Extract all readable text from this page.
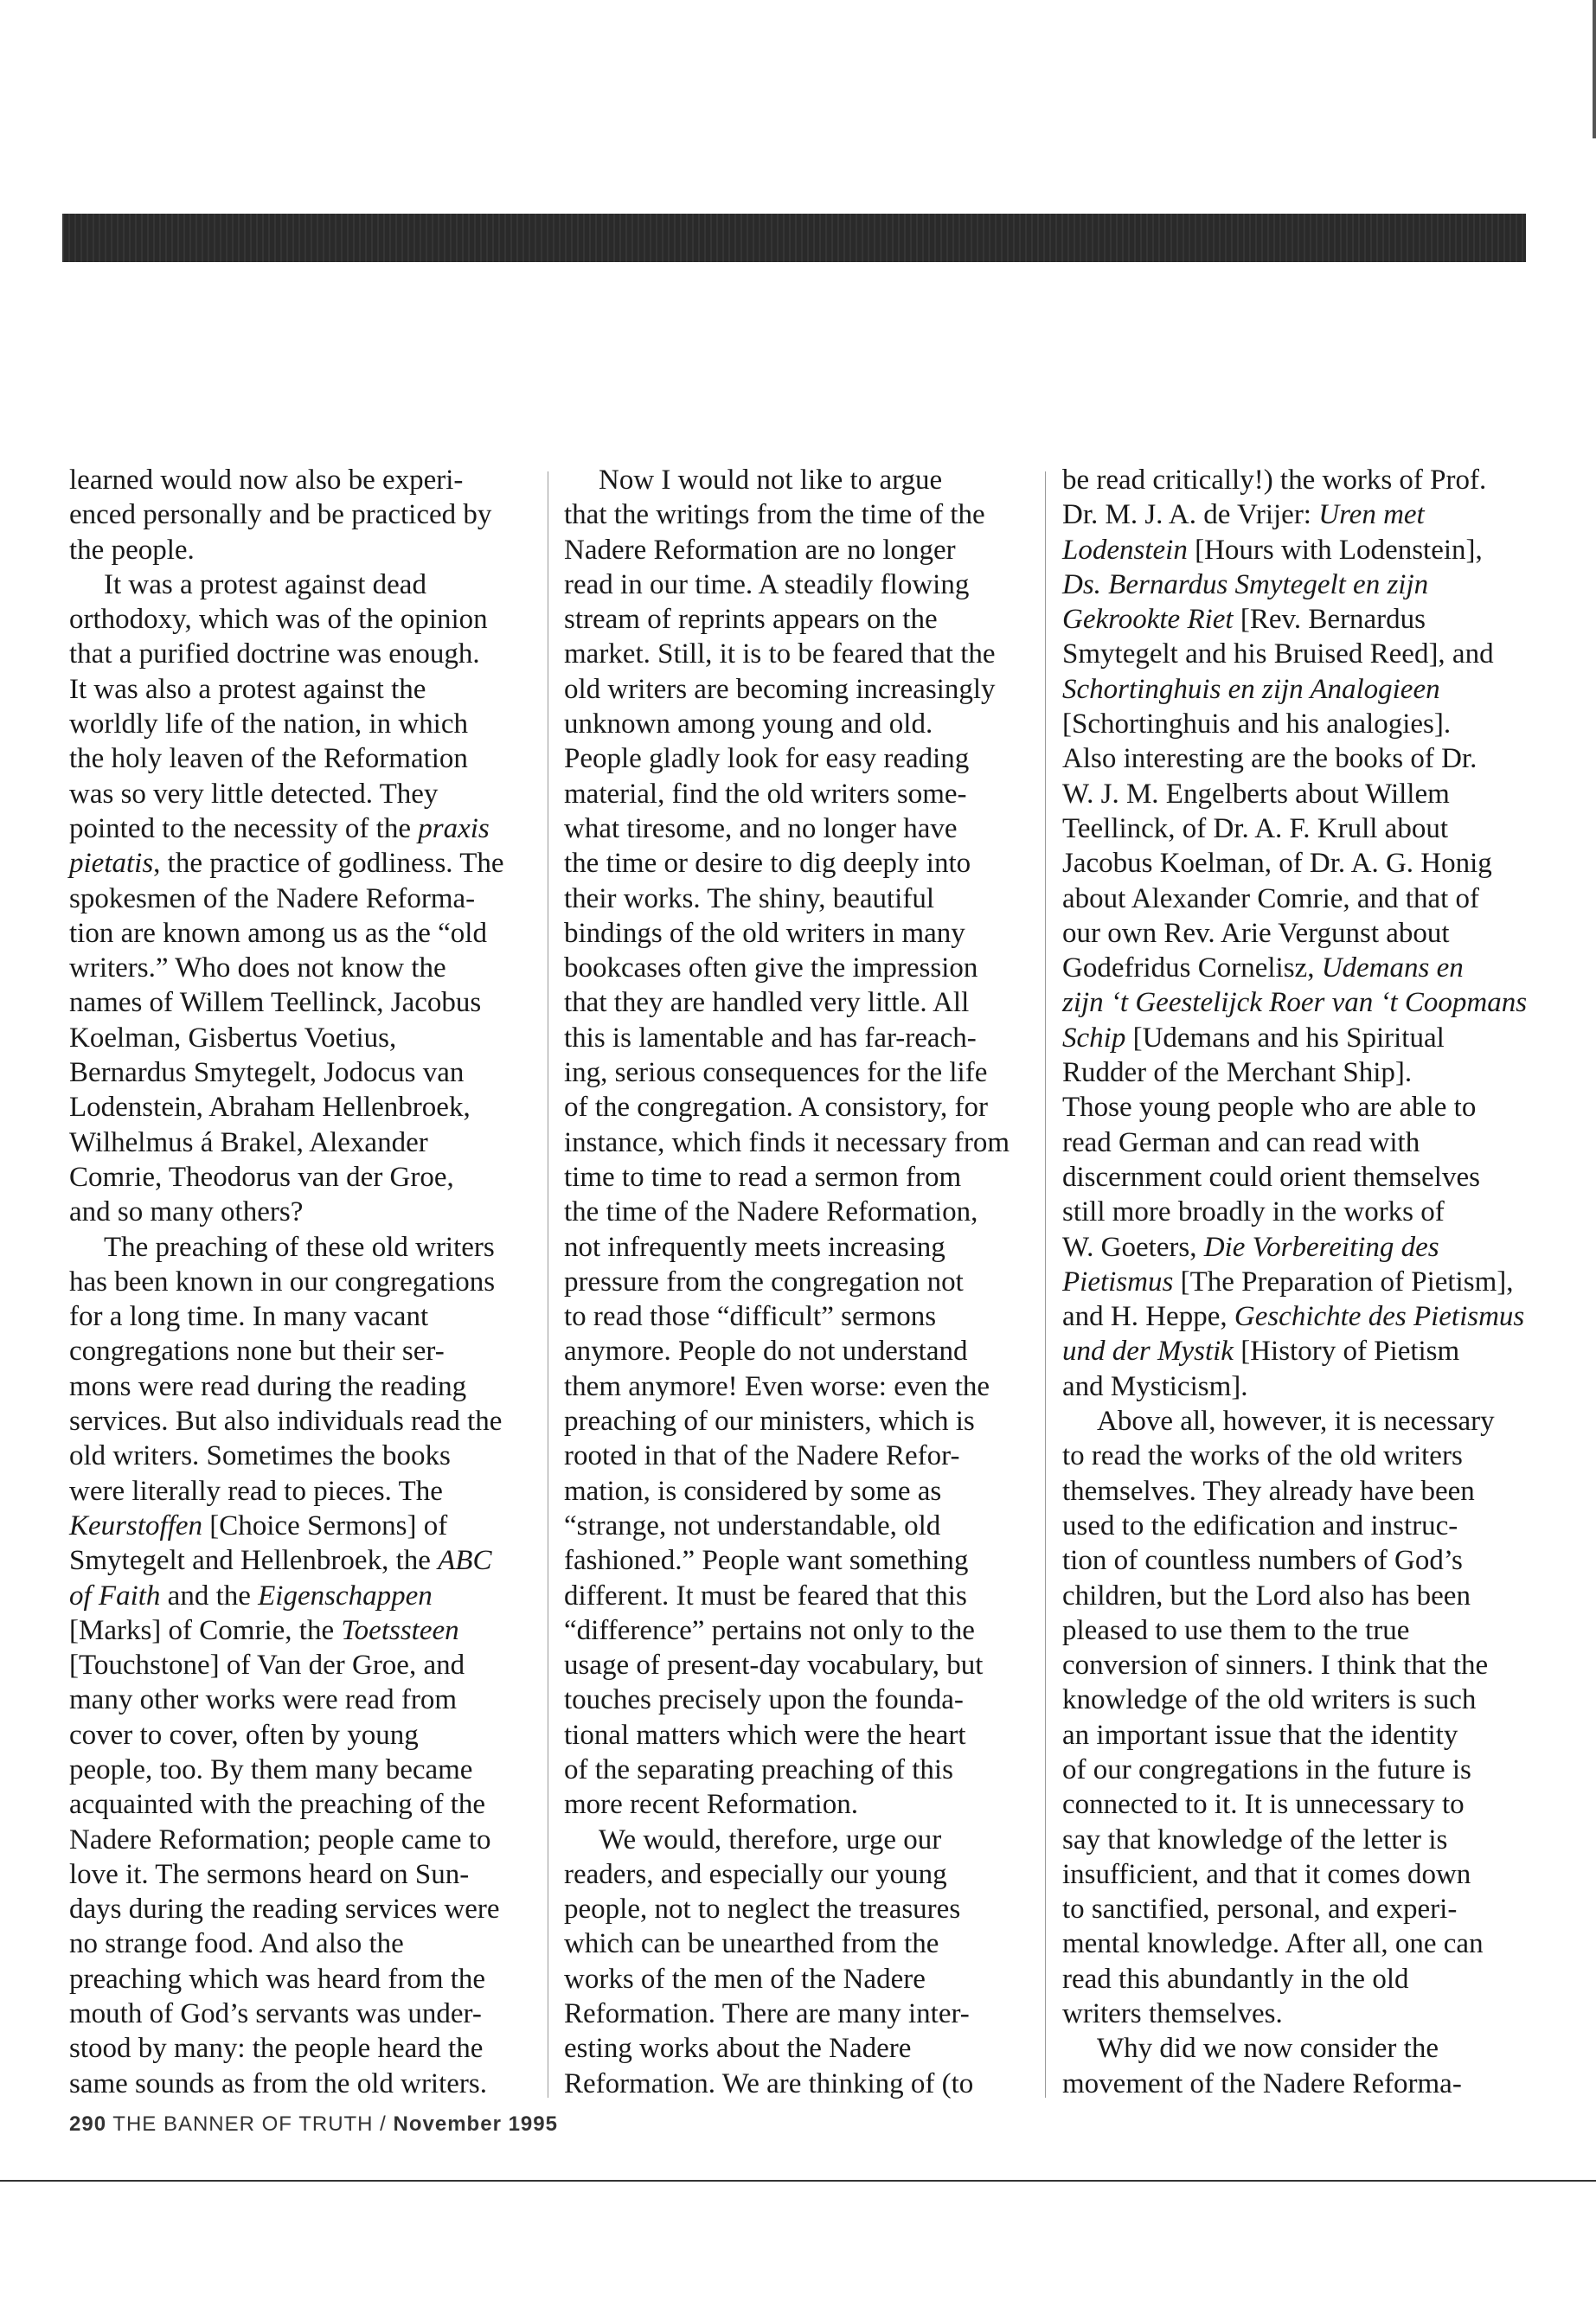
learned would now also be experi-
enced personally and be practiced by
the people.

It was a protest against dead
orthodoxy, which was of the opinion
that a purified doctrine was enough.
It was also a protest against the
worldly life of the nation, in which
the holy leaven of the Reformation
was so very little detected. They
pointed to the necessity of the praxis
pietatis, the practice of godliness. The
spokesmen of the Nadere Reforma-
tion are known among us as the “old
writers.” Who does not know the
names of Willem Teellinck, Jacobus
Koelman, Gisbertus Voetius,
Bernardus Smytegelt, Jodocus van
Lodenstein, Abraham Hellenbroek,
Wilhelmus á Brakel, Alexander
Comrie, Theodorus van der Groe,
and so many others?

The preaching of these old writers
has been known in our congregations
for a long time. In many vacant
congregations none but their ser-
mons were read during the reading
services. But also individuals read the
old writers. Sometimes the books
were literally read to pieces. The
Keurstoffen [Choice Sermons] of
Smytegelt and Hellenbroek, the ABC
of Faith and the Eigenschappen
[Marks] of Comrie, the Toetssteen
[Touchstone] of Van der Groe, and
many other works were read from
cover to cover, often by young
people, too. By them many became
acquainted with the preaching of the
Nadere Reformation; people came to
love it. The sermons heard on Sun-
days during the reading services were
no strange food. And also the
preaching which was heard from the
mouth of God’s servants was under-
stood by many: the people heard the
same sounds as from the old writers.

Now I would not like to argue
that the writings from the time of the
Nadere Reformation are no longer
read in our time. A steadily flowing
stream of reprints appears on the
market. Still, it is to be feared that the
old writers are becoming increasingly
unknown among young and old.
People gladly look for easy reading
material, find the old writers some-
what tiresome, and no longer have
the time or desire to dig deeply into
their works. The shiny, beautiful
bindings of the old writers in many
bookcases often give the impression
that they are handled very little. All
this is lamentable and has far-reach-
ing, serious consequences for the life
of the congregation. A consistory, for
instance, which finds it necessary from
time to time to read a sermon from
the time of the Nadere Reformation,
not infrequently meets increasing
pressure from the congregation not
to read those “difficult” sermons
anymore. People do not understand
them anymore! Even worse: even the
preaching of our ministers, which is
rooted in that of the Nadere Refor-
mation, is considered by some as
“strange, not understandable, old
fashioned.” People want something
different. It must be feared that this
“difference” pertains not only to the
usage of present-day vocabulary, but
touches precisely upon the founda-
tional matters which were the heart
of the separating preaching of this
more recent Reformation.

We would, therefore, urge our
readers, and especially our young
people, not to neglect the treasures
which can be unearthed from the
works of the men of the Nadere
Reformation. There are many inter-
esting works about the Nadere
Reformation. We are thinking of (to

be read critically!) the works of Prof.
Dr. M. J. A. de Vrijer: Uren met
Lodenstein [Hours with Lodenstein],
Ds. Bernardus Smytegelt en zijn
Gekrookte Riet [Rev. Bernardus
Smytegelt and his Bruised Reed], and
Schortinghuis en zijn Analogieen
[Schortinghuis and his analogies].
Also interesting are the books of Dr.
W. J. M. Engelberts about Willem
Teellinck, of Dr. A. F. Krull about
Jacobus Koelman, of Dr. A. G. Honig
about Alexander Comrie, and that of
our own Rev. Arie Vergunst about
Godefridus Cornelisz, Udemans en
zijn ‘t Geestelijck Roer van ‘t Coopmans
Schip [Udemans and his Spiritual
Rudder of the Merchant Ship].
Those young people who are able to
read German and can read with
discernment could orient themselves
still more broadly in the works of
W. Goeters, Die Vorbereiting des
Pietismus [The Preparation of Pietism],
and H. Heppe, Geschichte des Pietismus
und der Mystik [History of Pietism
and Mysticism].

Above all, however, it is necessary
to read the works of the old writers
themselves. They already have been
used to the edification and instruc-
tion of countless numbers of God’s
children, but the Lord also has been
pleased to use them to the true
conversion of sinners. I think that the
knowledge of the old writers is such
an important issue that the identity
of our congregations in the future is
connected to it. It is unnecessary to
say that knowledge of the letter is
insufficient, and that it comes down
to sanctified, personal, and experi-
mental knowledge. After all, one can
read this abundantly in the old
writers themselves.

Why did we now consider the
movement of the Nadere Reforma-

290 THE BANNER OF TRUTH / November 1995
